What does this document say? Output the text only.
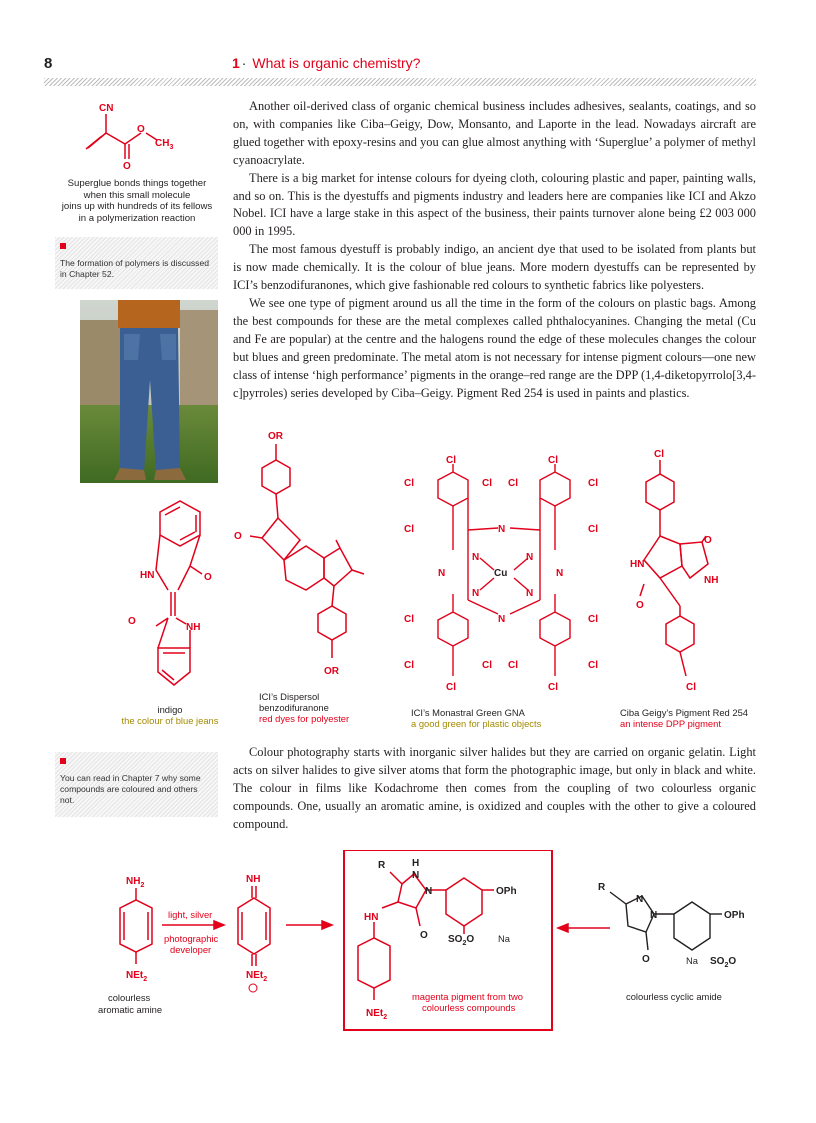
8	1 · What is organic chemistry?
CN
O
$CH_3$
O
Superglue bonds things together
when this small molecule
joins up with hundreds of its fellows
in a polymerization reaction
The formation of polymers is discussed in Chapter 52.

Another oil-derived class of organic chemical business includes adhesives, sealants, coatings, and so on, with companies like Ciba–Geigy, Dow, Monsanto, and Laporte in the lead. Nowadays aircraft are glued together with epoxy-resins and you can glue almost anything with ‘Superglue’ a polymer of methyl cyanoacrylate.

There is a big market for intense colours for dyeing cloth, colouring plastic and paper, painting walls, and so on. This is the dyestuffs and pigments industry and leaders here are companies like ICI and Akzo Nobel. ICI have a large stake in this aspect of the business, their paints turnover alone being £2 003 000 000 in 1995.

The most famous dyestuff is probably indigo, an ancient dye that used to be isolated from plants but is now made chemically. It is the colour of blue jeans. More modern dyestuffs can be represented by ICI’s benzodifuranones, which give fashionable red colours to synthetic fabrics like polyesters.

We see one type of pigment around us all the time in the form of the colours on plastic bags. Among the best compounds for these are the metal complexes called phthalocyanines. Changing the metal (Cu and Fe are popular) at the centre and the halogens round the edge of these molecules changes the colour but blues and green predominate. The metal atom is not necessary for intense pigment colours—one new class of intense ‘high performance’ pigments in the orange–red range are the DPP (1,4-diketopyrrolo[3,4-c]pyrroles) series developed by Ciba–Geigy. Pigment Red 254 is used in paints and plastics.

HN	O
O
NH
indigo
the colour of blue jeans
OR
O
OR
ICI’s Dispersol
benzodifuranone
red dyes for polyester
Cl	Cl
Cl	Cl Cl	Cl
Cl	Cl
N
N	N
N	N
Cu
N	N
N
Cl	Cl
Cl	Cl Cl	Cl
Cl	Cl
ICI’s Monastral Green GNA
a good green for plastic objects
Cl
HN
O
NH
O
Cl
Ciba Geigy’s Pigment Red 254
an intense DPP pigment
You can read in Chapter 7 why some compounds are coloured and others not.

Colour photography starts with inorganic silver halides but they are carried on organic gelatin. Light acts on silver halides to give silver atoms that form the photographic image, but only in black and white. The colour in films like Kodachrome then comes from the coupling of two colourless organic compounds. One, usually an aromatic amine, is oxidized and couples with the other to give a coloured compound.

$NH_2$
NEt$_2$
NH
NEt$_2$
light, silver
photographic
developer
R	H
N
N
HN
O
OPh
$SO_2O$	Na
NEt$_2$
magenta pigment from two
colourless compounds
R
N
N
O
OPh
Na $SO_2O$
colourless cyclic amide
colourless
aromatic amine
